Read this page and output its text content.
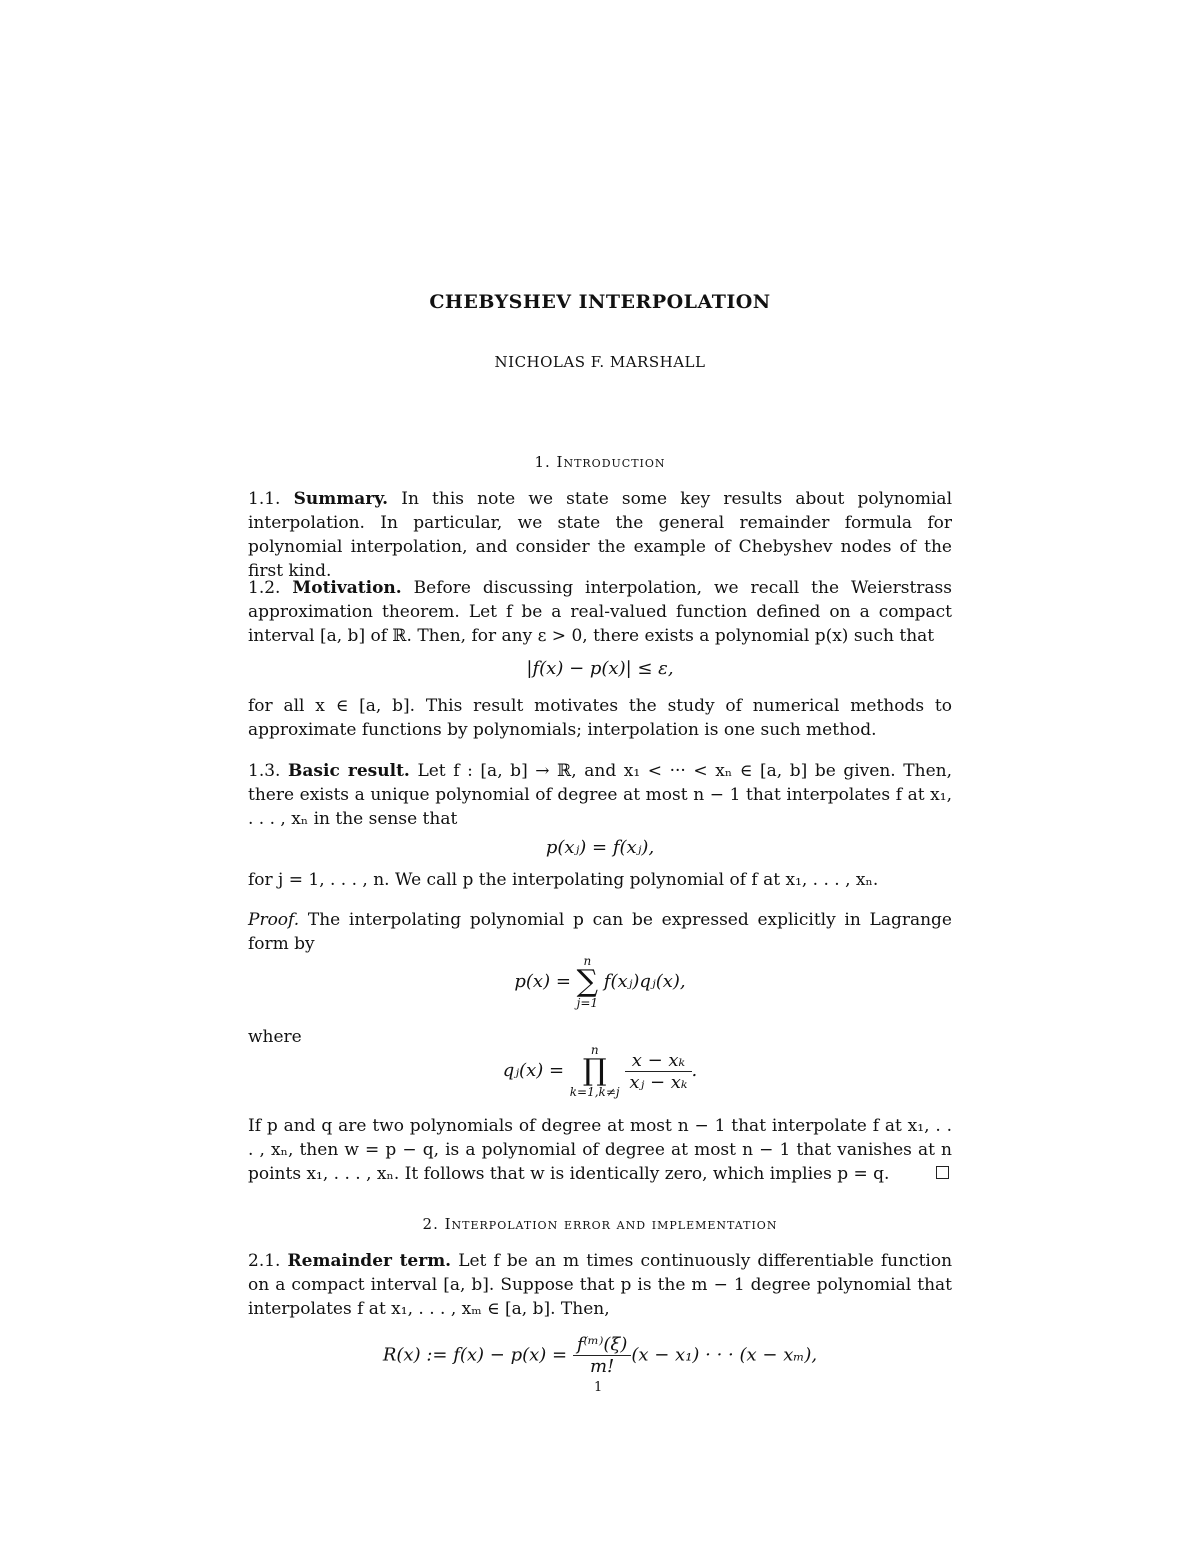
CHEBYSHEV INTERPOLATION
NICHOLAS F. MARSHALL
1. Introduction
1.1. Summary. In this note we state some key results about polynomial interpolation. In particular, we state the general remainder formula for polynomial interpolation, and consider the example of Chebyshev nodes of the first kind.
1.2. Motivation. Before discussing interpolation, we recall the Weierstrass approximation theorem. Let f be a real-valued function defined on a compact interval [a, b] of ℝ. Then, for any ε > 0, there exists a polynomial p(x) such that
|f(x) − p(x)| ≤ ε,
for all x ∈ [a, b]. This result motivates the study of numerical methods to approximate functions by polynomials; interpolation is one such method.
1.3. Basic result. Let f : [a, b] → ℝ, and x₁ < ··· < xₙ ∈ [a, b] be given. Then, there exists a unique polynomial of degree at most n − 1 that interpolates f at x₁, . . . , xₙ in the sense that
p(xⱼ) = f(xⱼ),
for j = 1, . . . , n. We call p the interpolating polynomial of f at x₁, . . . , xₙ.
Proof. The interpolating polynomial p can be expressed explicitly in Lagrange form by
p(x) =
n
∑
j=1
f(xⱼ)qⱼ(x),
where
qⱼ(x) =
n
∏
k=1,k≠j
$\frac{\text{x − xₖ}}{\text{xⱼ − xₖ}}$ .
If p and q are two polynomials of degree at most n − 1 that interpolate f at x₁, . . . , xₙ, then w = p − q, is a polynomial of degree at most n − 1 that vanishes at n points x₁, . . . , xₙ. It follows that w is identically zero, which implies p = q.
2. Interpolation error and implementation
2.1. Remainder term. Let f be an m times continuously differentiable function on a compact interval [a, b]. Suppose that p is the m − 1 degree polynomial that interpolates f at x₁, . . . , xₘ ∈ [a, b]. Then,
R(x) := $f(x) - p(x) = \frac{\text{f⁽ᵐ⁾(ξ)}}{m!} (x - x_1)$ · · · (x − xₘ),
1
